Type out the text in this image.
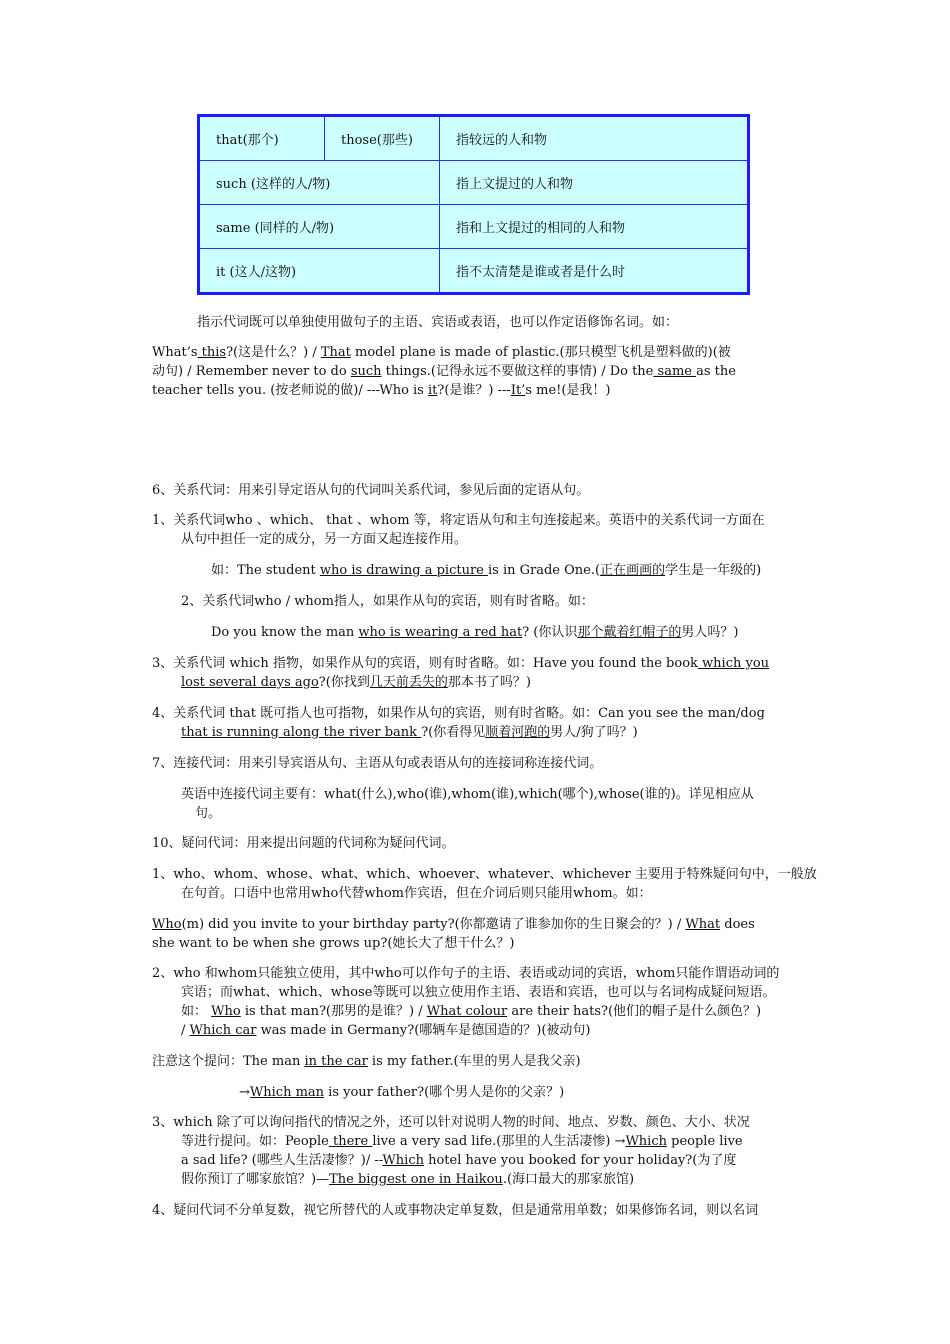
that(那个)	those(那些)	指较远的人和物
such (这样的人/物)		指上文提过的人和物
same (同样的人/物)		指和上文提过的相同的人和物
it (这人/这物)		指不太清楚是谁或者是什么时
指示代词既可以单独使用做句子的主语、宾语或表语，也可以作定语修饰名词。如：
What’s this?(这是什么？) / That model plane is made of plastic.(那只模型飞机是塑料做的)(被
动句) / Remember never to do such things.(记得永远不要做这样的事情) / Do the same as the
teacher tells you. (按老师说的做)/ ---Who is it?(是谁？) ---It’s me!(是我！)
6、关系代词：用来引导定语从句的代词叫关系代词，参见后面的定语从句。
1、关系代词who 、which、 that 、whom 等，将定语从句和主句连接起来。英语中的关系代词一方面在
从句中担任一定的成分，另一方面又起连接作用。
如：The student who is drawing a picture is in Grade One.(正在画画的学生是一年级的)
2、关系代词who / whom指人，如果作从句的宾语，则有时省略。如：
Do you know the man who is wearing a red hat? (你认识那个戴着红帽子的男人吗？)
3、关系代词 which 指物，如果作从句的宾语，则有时省略。如：Have you found the book which you
lost several days ago?(你找到几天前丢失的那本书了吗？)
4、关系代词 that 既可指人也可指物，如果作从句的宾语，则有时省略。如：Can you see the man/dog
that is running along the river bank ?(你看得见顺着河跑的男人/狗了吗？)
7、连接代词：用来引导宾语从句、主语从句或表语从句的连接词称连接代词。
英语中连接代词主要有：what(什么),who(谁),whom(谁),which(哪个),whose(谁的)。详见相应从
句。
10、疑问代词：用来提出问题的代词称为疑问代词。
1、who、whom、whose、what、which、whoever、whatever、whichever 主要用于特殊疑问句中，一般放
在句首。口语中也常用who代替whom作宾语，但在介词后则只能用whom。如：
Who(m) did you invite to your birthday party?(你都邀请了谁参加你的生日聚会的？) / What does
she want to be when she grows up?(她长大了想干什么？)
2、who 和whom只能独立使用，其中who可以作句子的主语、表语或动词的宾语，whom只能作谓语动词的
宾语；而what、which、whose等既可以独立使用作主语、表语和宾语，也可以与名词构成疑问短语。
如： Who is that man?(那男的是谁？) / What colour are their hats?(他们的帽子是什么颜色？)
/ Which car was made in Germany?(哪辆车是德国造的？)(被动句)
注意这个提问：The man in the car is my father.(车里的男人是我父亲)
→Which man is your father?(哪个男人是你的父亲？)
3、which 除了可以询问指代的情况之外，还可以针对说明人物的时间、地点、岁数、颜色、大小、状况
等进行提问。如：People there live a very sad life.(那里的人生活凄惨) →Which people live
a sad life? (哪些人生活凄惨？)/ --Which hotel have you booked for your holiday?(为了度
假你预订了哪家旅馆？)—The biggest one in Haikou.(海口最大的那家旅馆)
4、疑问代词不分单复数，视它所替代的人或事物决定单复数，但是通常用单数；如果修饰名词，则以名词
